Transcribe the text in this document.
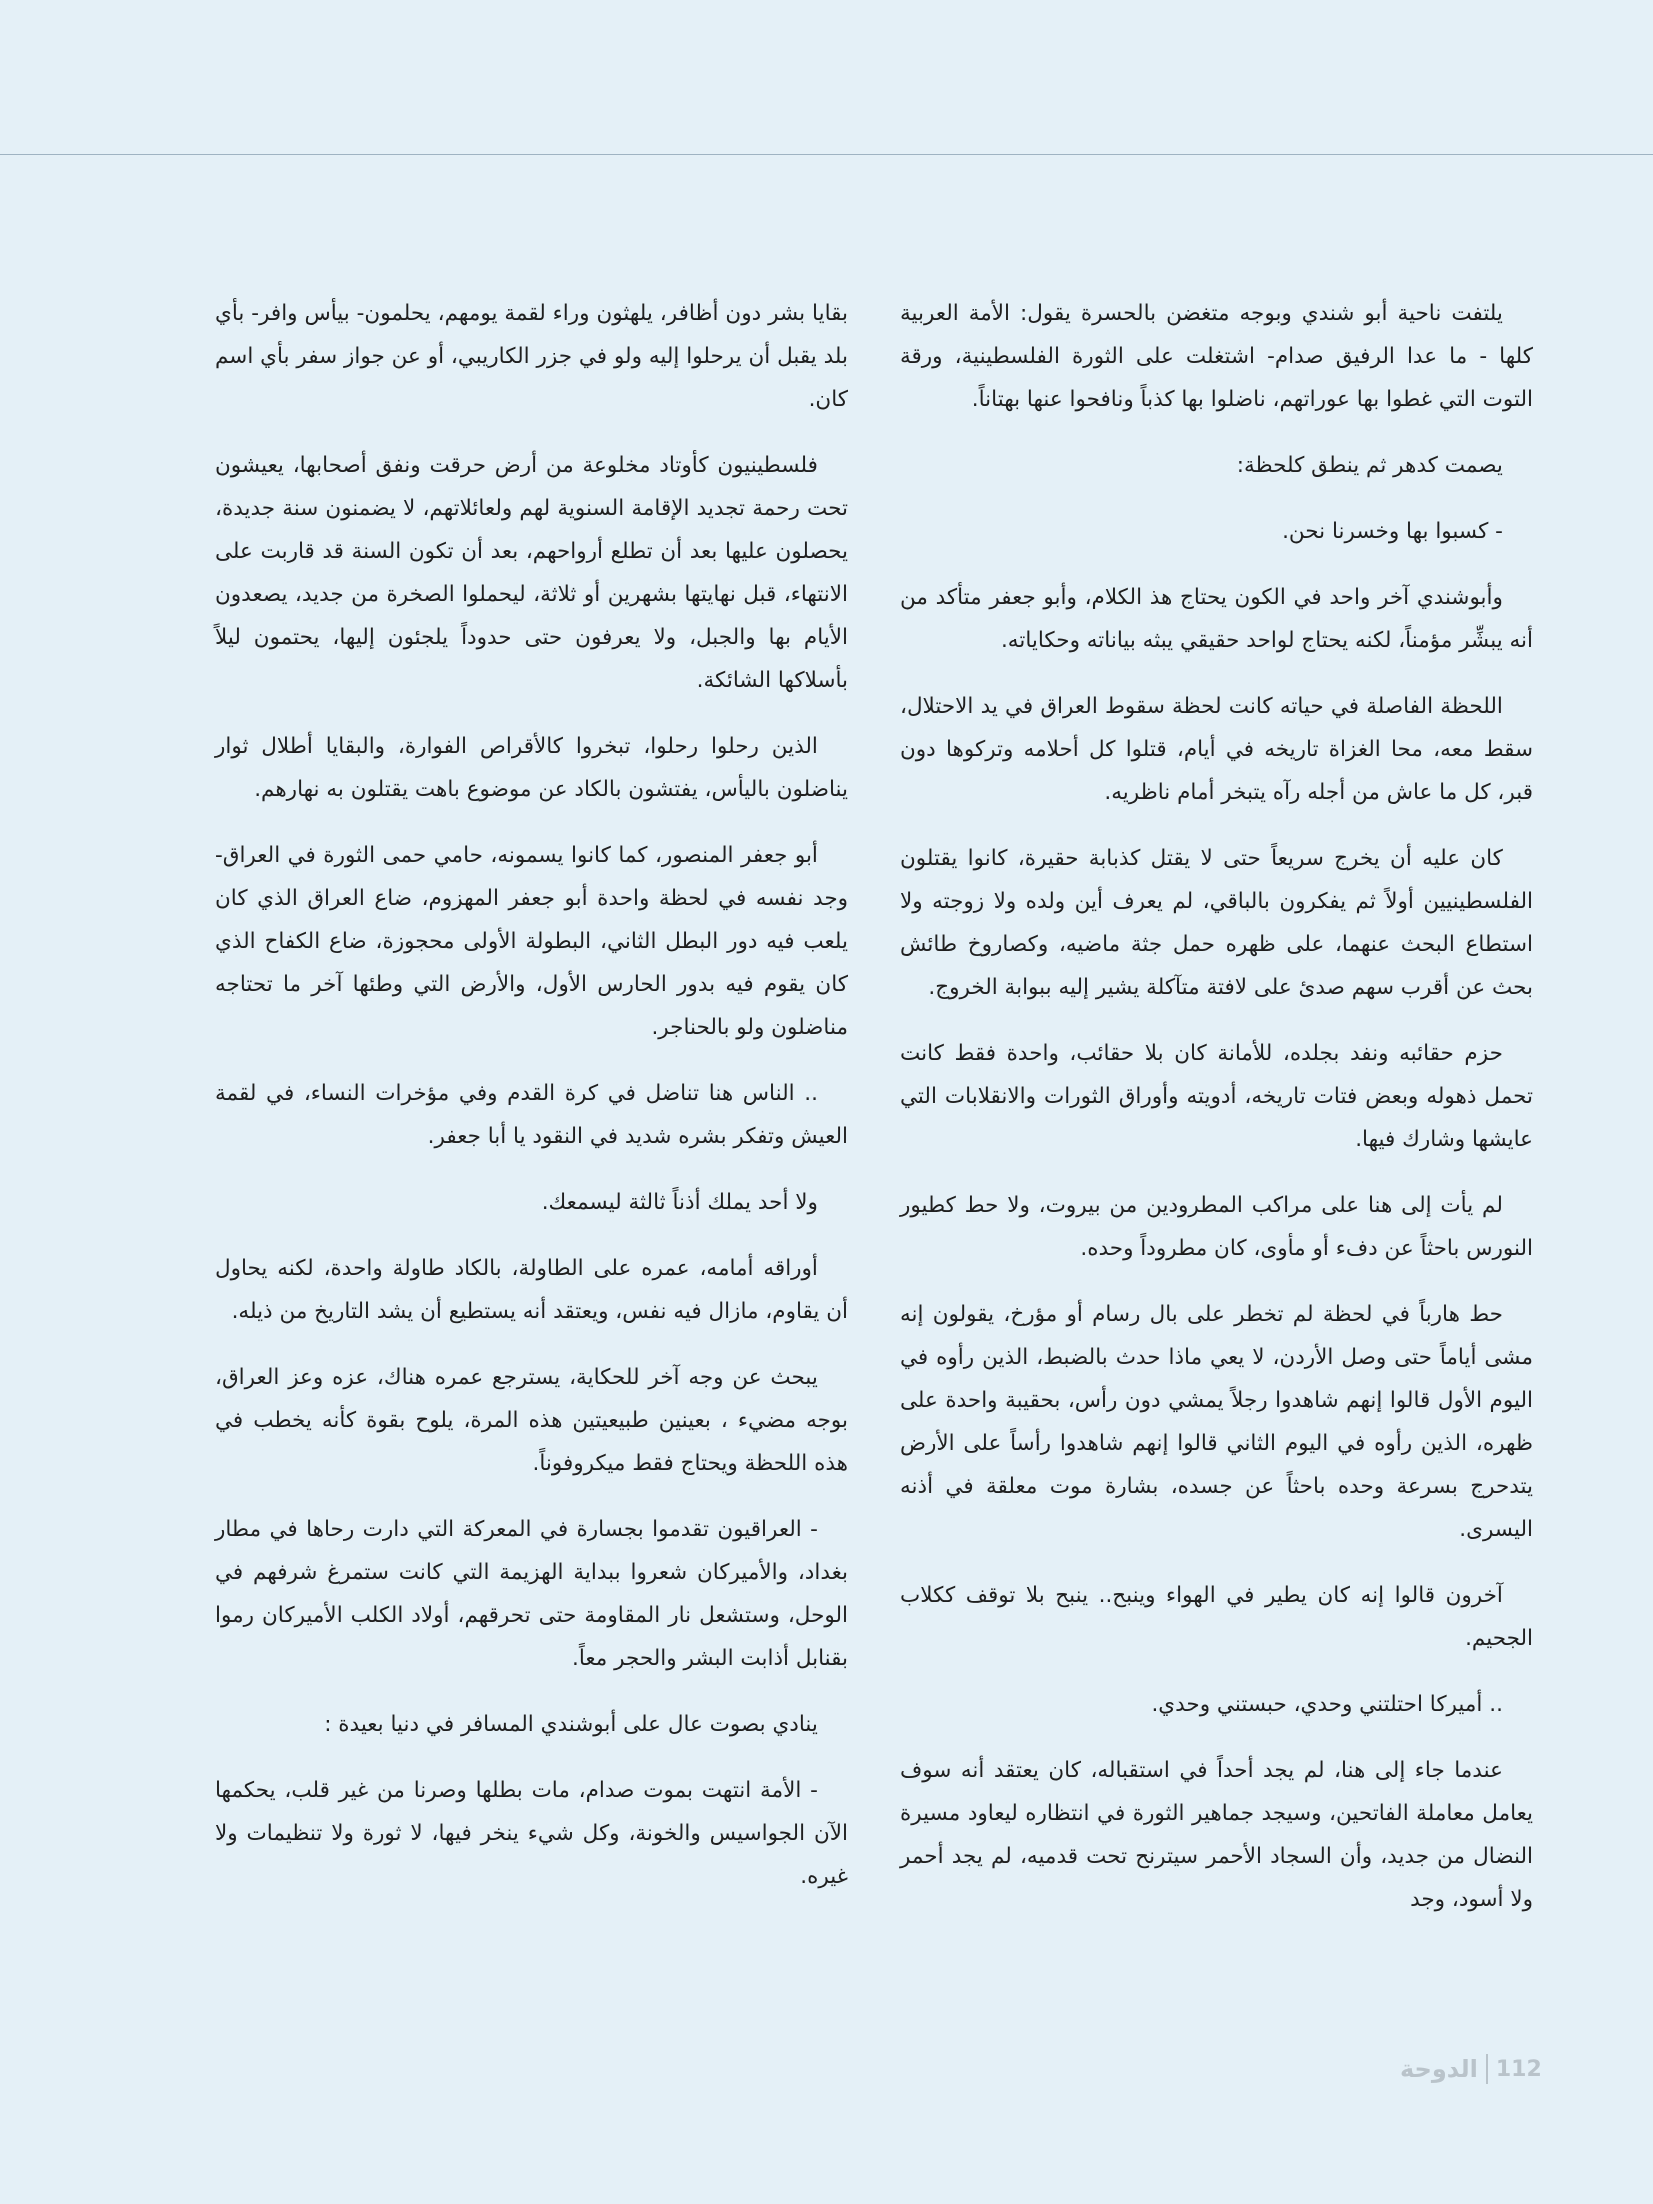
يلتفت ناحية أبو شندي وبوجه متغضن بالحسرة يقول: الأمة العربية كلها - ما عدا الرفيق صدام- اشتغلت على الثورة الفلسطينية، ورقة التوت التي غطوا بها عوراتهم، ناضلوا بها كذباً ونافحوا عنها بهتاناً.

يصمت كدهر ثم ينطق كلحظة:

- كسبوا بها وخسرنا نحن.

وأبوشندي آخر واحد في الكون يحتاج هذ الكلام، وأبو جعفر متأكد من أنه يبشِّر مؤمناً، لكنه يحتاج لواحد حقيقي يبثه بياناته وحكاياته.

اللحظة الفاصلة في حياته كانت لحظة سقوط العراق في يد الاحتلال، سقط معه، محا الغزاة تاريخه في أيام، قتلوا كل أحلامه وتركوها دون قبر، كل ما عاش من أجله رآه يتبخر أمام ناظريه.

كان عليه أن يخرج سريعاً حتى لا يقتل كذبابة حقيرة، كانوا يقتلون الفلسطينيين أولاً ثم يفكرون بالباقي، لم يعرف أين ولده ولا زوجته ولا استطاع البحث عنهما، على ظهره حمل جثة ماضيه، وكصاروخ طائش بحث عن أقرب سهم صدئ على لافتة متآكلة يشير إليه ببوابة الخروج.

حزم حقائبه ونفد بجلده، للأمانة كان بلا حقائب، واحدة فقط كانت تحمل ذهوله وبعض فتات تاريخه، أدويته وأوراق الثورات والانقلابات التي عايشها وشارك فيها.

لم يأت إلى هنا على مراكب المطرودين من بيروت، ولا حط كطيور النورس باحثاً عن دفء أو مأوى، كان مطروداً وحده.

حط هارباً في لحظة لم تخطر على بال رسام أو مؤرخ، يقولون إنه مشى أياماً حتى وصل الأردن، لا يعي ماذا حدث بالضبط، الذين رأوه في اليوم الأول قالوا إنهم شاهدوا رجلاً يمشي دون رأس، بحقيبة واحدة على ظهره، الذين رأوه في اليوم الثاني قالوا إنهم شاهدوا رأساً على الأرض يتدحرج بسرعة وحده باحثاً عن جسده، بشارة موت معلقة في أذنه اليسرى.

آخرون قالوا إنه كان يطير في الهواء وينبح.. ينبح بلا توقف ككلاب الجحيم.

.. أميركا احتلتني وحدي، حبستني وحدي.

عندما جاء إلى هنا، لم يجد أحداً في استقباله، كان يعتقد أنه سوف يعامل معاملة الفاتحين، وسيجد جماهير الثورة في انتظاره ليعاود مسيرة النضال من جديد، وأن السجاد الأحمر سيترنح تحت قدميه، لم يجد أحمر ولا أسود، وجد

بقايا بشر دون أظافر، يلهثون وراء لقمة يومهم، يحلمون- بيأس وافر- بأي بلد يقبل أن يرحلوا إليه ولو في جزر الكاريبي، أو عن جواز سفر بأي اسم كان.

فلسطينيون كأوتاد مخلوعة من أرض حرقت ونفق أصحابها، يعيشون تحت رحمة تجديد الإقامة السنوية لهم ولعائلاتهم، لا يضمنون سنة جديدة، يحصلون عليها بعد أن تطلع أرواحهم، بعد أن تكون السنة قد قاربت على الانتهاء، قبل نهايتها بشهرين أو ثلاثة، ليحملوا الصخرة من جديد، يصعدون الأيام بها والجبل، ولا يعرفون حتى حدوداً يلجئون إليها، يحتمون ليلاً بأسلاكها الشائكة.

الذين رحلوا رحلوا، تبخروا كالأقراص الفوارة، والبقايا أطلال ثوار يناضلون باليأس، يفتشون بالكاد عن موضوع باهت يقتلون به نهارهم.

أبو جعفر المنصور، كما كانوا يسمونه، حامي حمى الثورة في العراق- وجد نفسه في لحظة واحدة أبو جعفر المهزوم، ضاع العراق الذي كان يلعب فيه دور البطل الثاني، البطولة الأولى محجوزة، ضاع الكفاح الذي كان يقوم فيه بدور الحارس الأول، والأرض التي وطئها آخر ما تحتاجه مناضلون ولو بالحناجر.

.. الناس هنا تناضل في كرة القدم وفي مؤخرات النساء، في لقمة العيش وتفكر بشره شديد في النقود يا أبا جعفر.

ولا أحد يملك أذناً ثالثة ليسمعك.

أوراقه أمامه، عمره على الطاولة، بالكاد طاولة واحدة، لكنه يحاول أن يقاوم، مازال فيه نفس، ويعتقد أنه يستطيع أن يشد التاريخ من ذيله.

يبحث عن وجه آخر للحكاية، يسترجع عمره هناك، عزه وعز العراق، بوجه مضيء ، بعينين طبيعيتين هذه المرة، يلوح بقوة كأنه يخطب في هذه اللحظة ويحتاج فقط ميكروفوناً.

- العراقيون تقدموا بجسارة في المعركة التي دارت رحاها في مطار بغداد، والأميركان شعروا ببداية الهزيمة التي كانت ستمرغ شرفهم في الوحل، وستشعل نار المقاومة حتى تحرقهم، أولاد الكلب الأميركان رموا بقنابل أذابت البشر والحجر معاً.

ينادي بصوت عال على أبوشندي المسافر في دنيا بعيدة :

- الأمة انتهت بموت صدام، مات بطلها وصرنا من غير قلب، يحكمها الآن الجواسيس والخونة، وكل شيء ينخر فيها، لا ثورة ولا تنظيمات ولا غيره.

الدوحة 112
